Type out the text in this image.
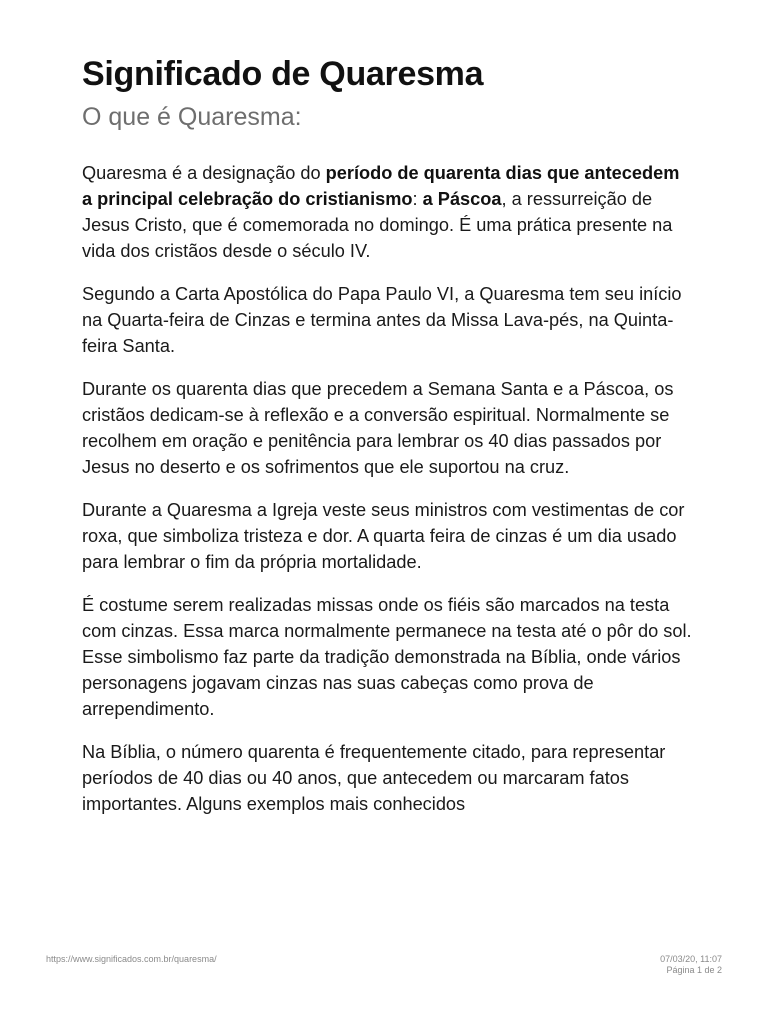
Significado de Quaresma
O que é Quaresma:

Quaresma é a designação do período de quarenta dias que antecedem a principal celebração do cristianismo: a Páscoa, a ressurreição de Jesus Cristo, que é comemorada no domingo. É uma prática presente na vida dos cristãos desde o século IV.

Segundo a Carta Apostólica do Papa Paulo VI, a Quaresma tem seu início na Quarta-feira de Cinzas e termina antes da Missa Lava-pés, na Quinta-feira Santa.

Durante os quarenta dias que precedem a Semana Santa e a Páscoa, os cristãos dedicam-se à reflexão e a conversão espiritual. Normalmente se recolhem em oração e penitência para lembrar os 40 dias passados por Jesus no deserto e os sofrimentos que ele suportou na cruz.

Durante a Quaresma a Igreja veste seus ministros com vestimentas de cor roxa, que simboliza tristeza e dor. A quarta feira de cinzas é um dia usado para lembrar o fim da própria mortalidade.

É costume serem realizadas missas onde os fiéis são marcados na testa com cinzas. Essa marca normalmente permanece na testa até o pôr do sol. Esse simbolismo faz parte da tradição demonstrada na Bíblia, onde vários personagens jogavam cinzas nas suas cabeças como prova de arrependimento.

Na Bíblia, o número quarenta é frequentemente citado, para representar períodos de 40 dias ou 40 anos, que antecedem ou marcaram fatos importantes. Alguns exemplos mais conhecidos

https://www.significados.com.br/quaresma/	07/03/20, 11:07
Página 1 de 2
